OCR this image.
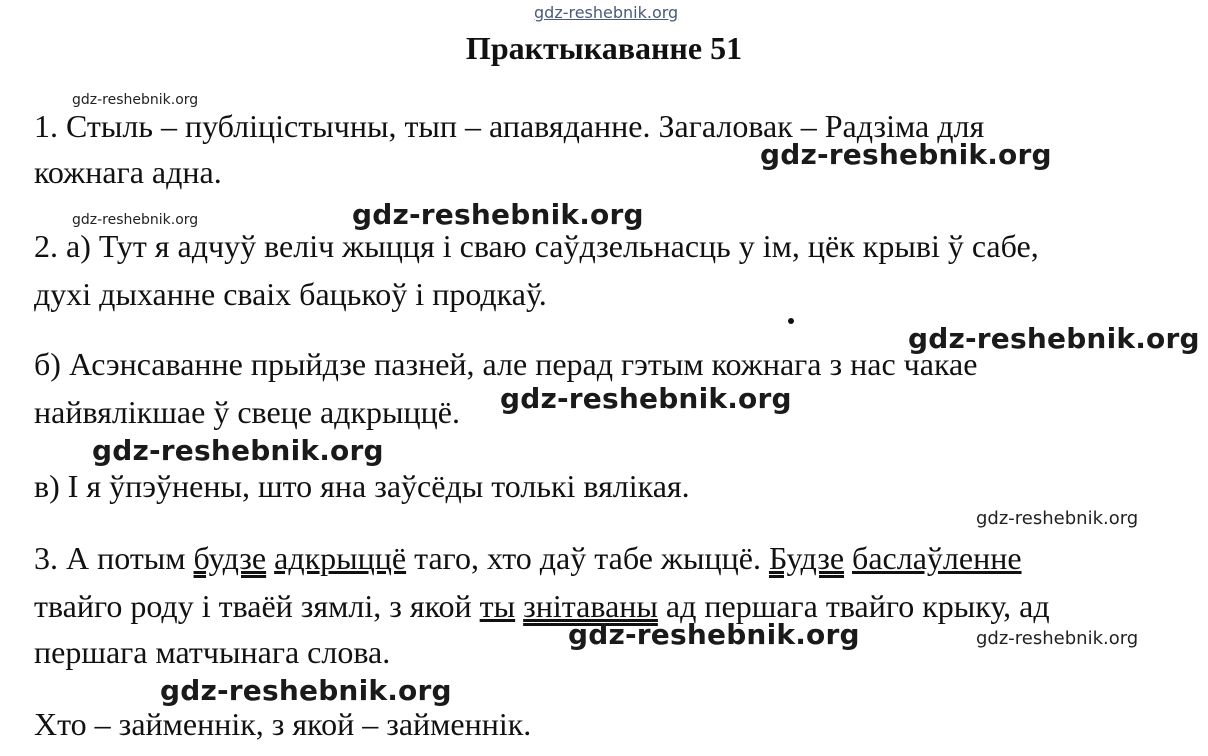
gdz-reshebnik.org
Практыкаванне 51
gdz-reshebnik.org
1. Стыль – публіцістычны, тып – апавяданне. Загаловак – Радзіма для
gdz-reshebnik.org
кожнага адна.
gdz-reshebnik.org	gdz-reshebnik.org
2. а) Тут я адчуў веліч жыцця і сваю саўдзельнасць у ім, цёк крыві ў сабе,
духі дыханне сваіх бацькоў і продкаў.
gdz-reshebnik.org
б) Асэнсаванне прыйдзе пазней, але перад гэтым кожнага з нас чакае
gdz-reshebnik.org
найвялікшае ў свеце адкрыццё.
gdz-reshebnik.org
в) І я ўпэўнены, што яна заўсёды толькі вялікая.
gdz-reshebnik.org
3. А потым будзе адкрыццё таго, хто даў табе жыццё. Будзе баслаўленне
твайго роду і тваёй зямлі, з якой ты знітаваны ад першага твайго крыку, ад
gdz-reshebnik.org	gdz-reshebnik.org
першага матчынага слова.
gdz-reshebnik.org
Хто – займеннік, з якой – займеннік.
